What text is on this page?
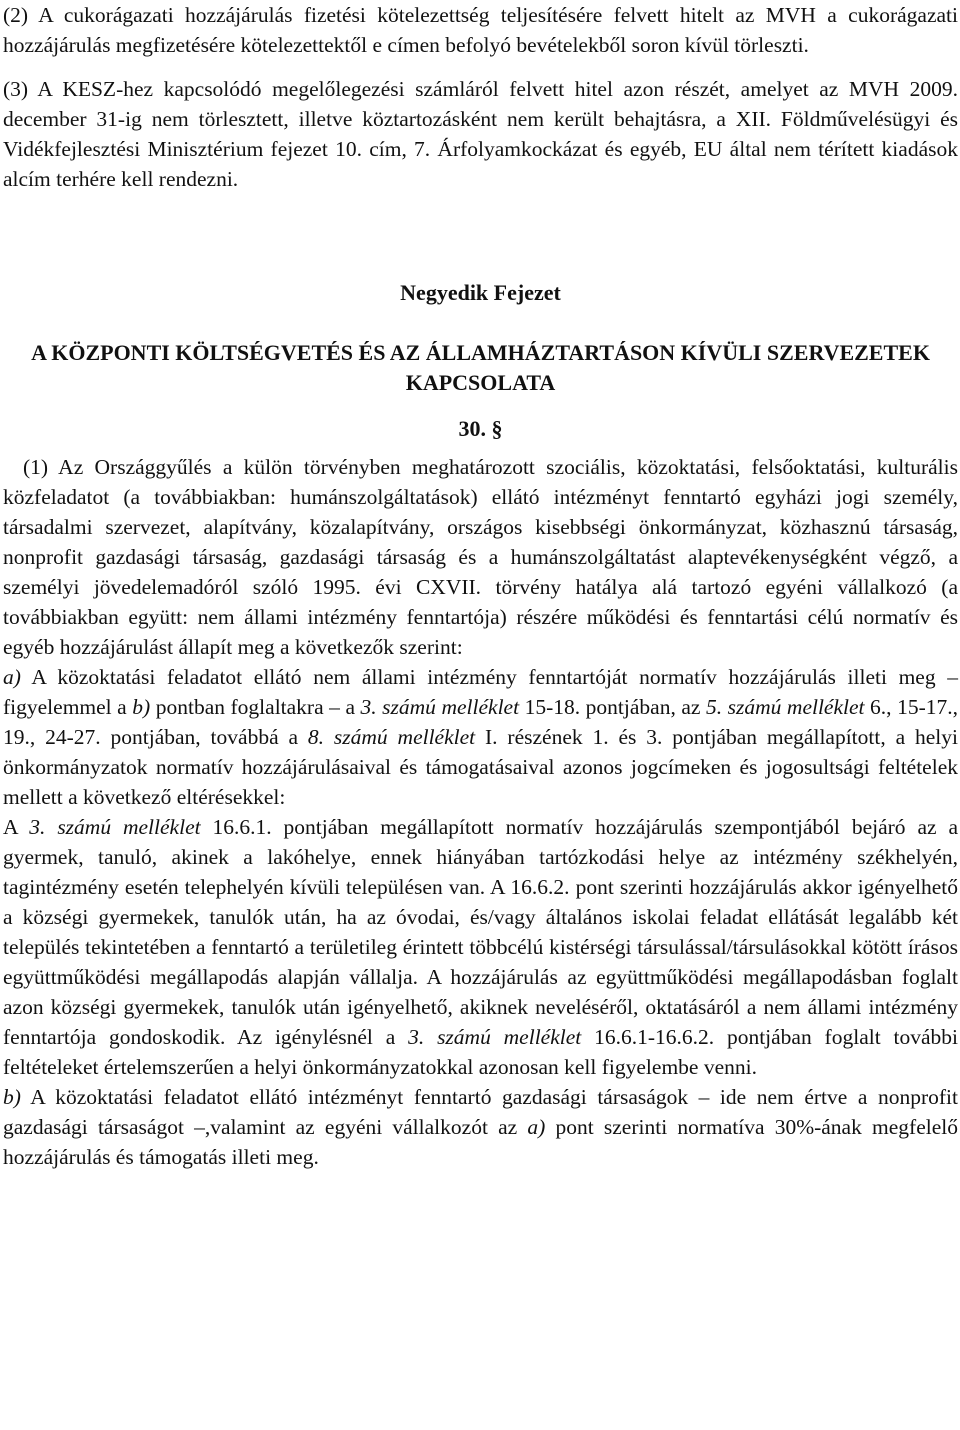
(2) A cukorágazati hozzájárulás fizetési kötelezettség teljesítésére felvett hitelt az MVH a cukorágazati hozzájárulás megfizetésére kötelezettektől e címen befolyó bevételekből soron kívül törleszti.

(3) A KESZ-hez kapcsolódó megelőlegezési számláról felvett hitel azon részét, amelyet az MVH 2009. december 31-ig nem törlesztett, illetve köztartozásként nem került behajtásra, a XII. Földművelésügyi és Vidékfejlesztési Minisztérium fejezet 10. cím, 7. Árfolyamkockázat és egyéb, EU által nem térített kiadások alcím terhére kell rendezni.

Negyedik Fejezet
A KÖZPONTI KÖLTSÉGVETÉS ÉS AZ ÁLLAMHÁZTARTÁSON KÍVÜLI SZERVEZETEK KAPCSOLATA
30. §

(1) Az Országgyűlés a külön törvényben meghatározott szociális, közoktatási, felsőoktatási, kulturális közfeladatot (a továbbiakban: humánszolgáltatások) ellátó intézményt fenntartó egyházi jogi személy, társadalmi szervezet, alapítvány, közalapítvány, országos kisebbségi önkormányzat, közhasznú társaság, nonprofit gazdasági társaság, gazdasági társaság és a humánszolgáltatást alaptevékenységként végző, a személyi jövedelemadóról szóló 1995. évi CXVII. törvény hatálya alá tartozó egyéni vállalkozó (a továbbiakban együtt: nem állami intézmény fenntartója) részére működési és fenntartási célú normatív és egyéb hozzájárulást állapít meg a következők szerint:

a) A közoktatási feladatot ellátó nem állami intézmény fenntartóját normatív hozzájárulás illeti meg – figyelemmel a b) pontban foglaltakra – a 3. számú melléklet 15-18. pontjában, az 5. számú melléklet 6., 15-17., 19., 24-27. pontjában, továbbá a 8. számú melléklet I. részének 1. és 3. pontjában megállapított, a helyi önkormányzatok normatív hozzájárulásaival és támogatásaival azonos jogcímeken és jogosultsági feltételek mellett a következő eltérésekkel:

A 3. számú melléklet 16.6.1. pontjában megállapított normatív hozzájárulás szempontjából bejáró az a gyermek, tanuló, akinek a lakóhelye, ennek hiányában tartózkodási helye az intézmény székhelyén, tagintézmény esetén telephelyén kívüli településen van. A 16.6.2. pont szerinti hozzájárulás akkor igényelhető a községi gyermekek, tanulók után, ha az óvodai, és/vagy általános iskolai feladat ellátását legalább két település tekintetében a fenntartó a területileg érintett többcélú kistérségi társulással/társulásokkal kötött írásos együttműködési megállapodás alapján vállalja. A hozzájárulás az együttműködési megállapodásban foglalt azon községi gyermekek, tanulók után igényelhető, akiknek neveléséről, oktatásáról a nem állami intézmény fenntartója gondoskodik. Az igénylésnél a 3. számú melléklet 16.6.1-16.6.2. pontjában foglalt további feltételeket értelemszerűen a helyi önkormányzatokkal azonosan kell figyelembe venni.

b) A közoktatási feladatot ellátó intézményt fenntartó gazdasági társaságok – ide nem értve a nonprofit gazdasági társaságot –,valamint az egyéni vállalkozót az a) pont szerinti normatíva 30%-ának megfelelő hozzájárulás és támogatás illeti meg.
